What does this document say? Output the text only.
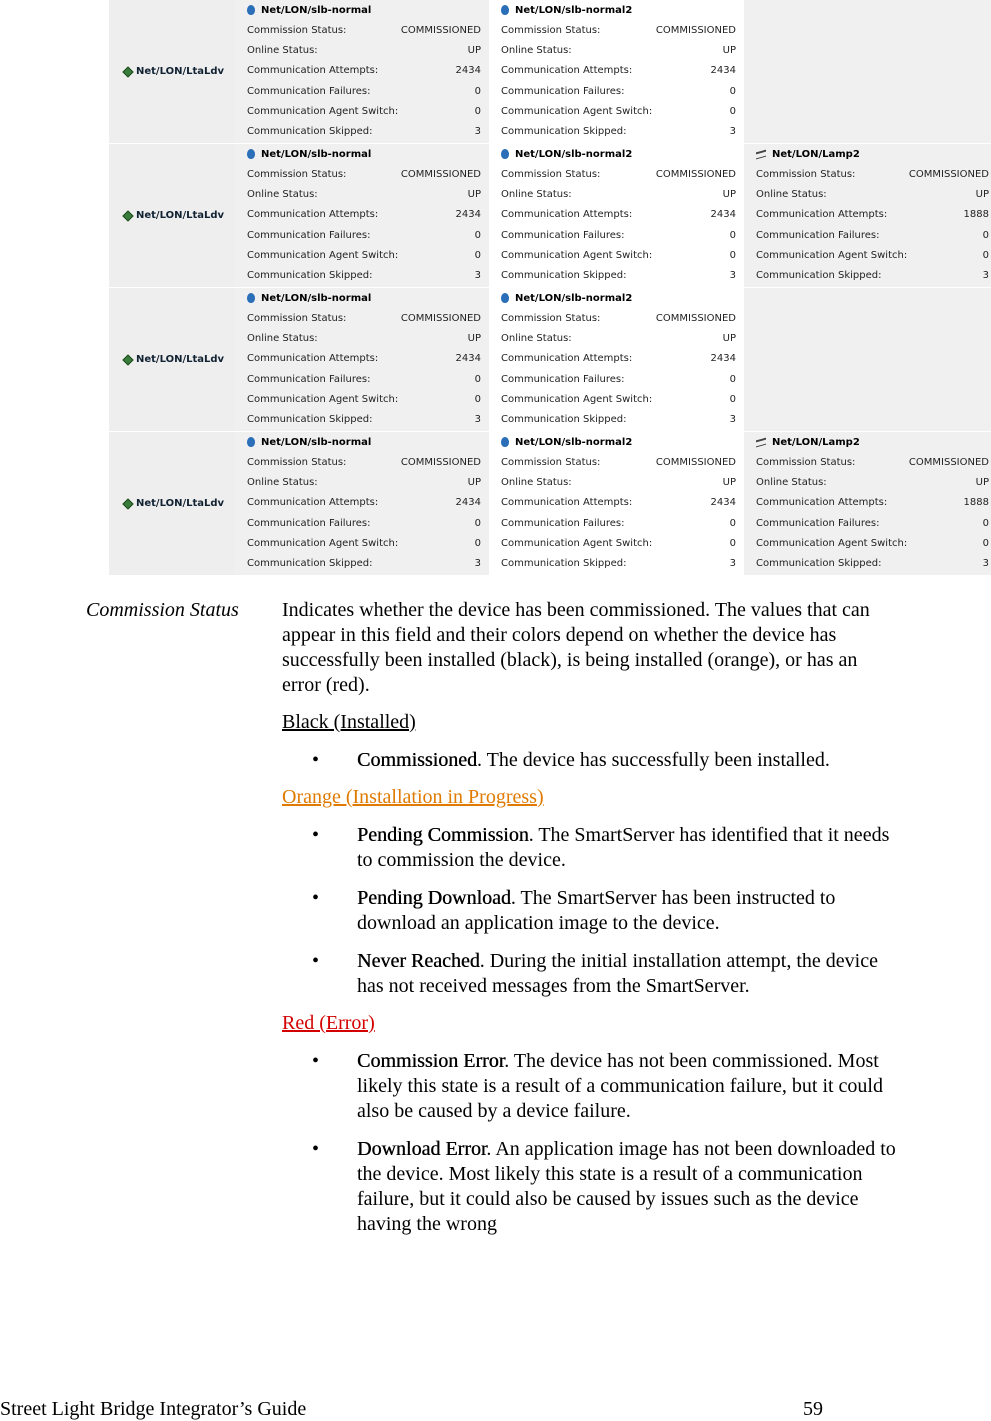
Net/LON/LtaLdv
Net/LON/slb-normal
Commission Status:	COMMISSIONED
Online Status:	UP
Communication Attempts:	2434
Communication Failures:	0
Communication Agent Switch:	0
Communication Skipped:	3
Net/LON/slb-normal2
Commission Status:	COMMISSIONED
Online Status:	UP
Communication Attempts:	2434
Communication Failures:	0
Communication Agent Switch:	0
Communication Skipped:	3
Net/LON/LtaLdv
Net/LON/slb-normal
Commission Status:	COMMISSIONED
Online Status:	UP
Communication Attempts:	2434
Communication Failures:	0
Communication Agent Switch:	0
Communication Skipped:	3
Net/LON/slb-normal2
Commission Status:	COMMISSIONED
Online Status:	UP
Communication Attempts:	2434
Communication Failures:	0
Communication Agent Switch:	0
Communication Skipped:	3
Net/LON/Lamp2
Commission Status:	COMMISSIONED
Online Status:	UP
Communication Attempts:	1888
Communication Failures:	0
Communication Agent Switch:	0
Communication Skipped:	3
Net/LON/LtaLdv
Net/LON/slb-normal
Commission Status:	COMMISSIONED
Online Status:	UP
Communication Attempts:	2434
Communication Failures:	0
Communication Agent Switch:	0
Communication Skipped:	3
Net/LON/slb-normal2
Commission Status:	COMMISSIONED
Online Status:	UP
Communication Attempts:	2434
Communication Failures:	0
Communication Agent Switch:	0
Communication Skipped:	3
Net/LON/LtaLdv
Net/LON/slb-normal
Commission Status:	COMMISSIONED
Online Status:	UP
Communication Attempts:	2434
Communication Failures:	0
Communication Agent Switch:	0
Communication Skipped:	3
Net/LON/slb-normal2
Commission Status:	COMMISSIONED
Online Status:	UP
Communication Attempts:	2434
Communication Failures:	0
Communication Agent Switch:	0
Communication Skipped:	3
Net/LON/Lamp2
Commission Status:	COMMISSIONED
Online Status:	UP
Communication Attempts:	1888
Communication Failures:	0
Communication Agent Switch:	0
Communication Skipped:	3
Commission Status	Indicates whether the device has been commissioned. The values that can appear in this field and their colors depend on whether the device has successfully been installed (black), is being installed (orange), or has an error (red).

Black (Installed)

• Commissioned. The device has successfully been installed.

Orange (Installation in Progress)

• Pending Commission. The SmartServer has identified that it needs to commission the device.

• Pending Download. The SmartServer has been instructed to download an application image to the device.

• Never Reached. During the initial installation attempt, the device has not received messages from the SmartServer.

Red (Error)

• Commission Error. The device has not been commissioned. Most likely this state is a result of a communication failure, but it could also be caused by a device failure.

• Download Error. An application image has not been downloaded to the device. Most likely this state is a result of a communication failure, but it could also be caused by issues such as the device having the wrong

Street Light Bridge Integrator’s Guide	59
